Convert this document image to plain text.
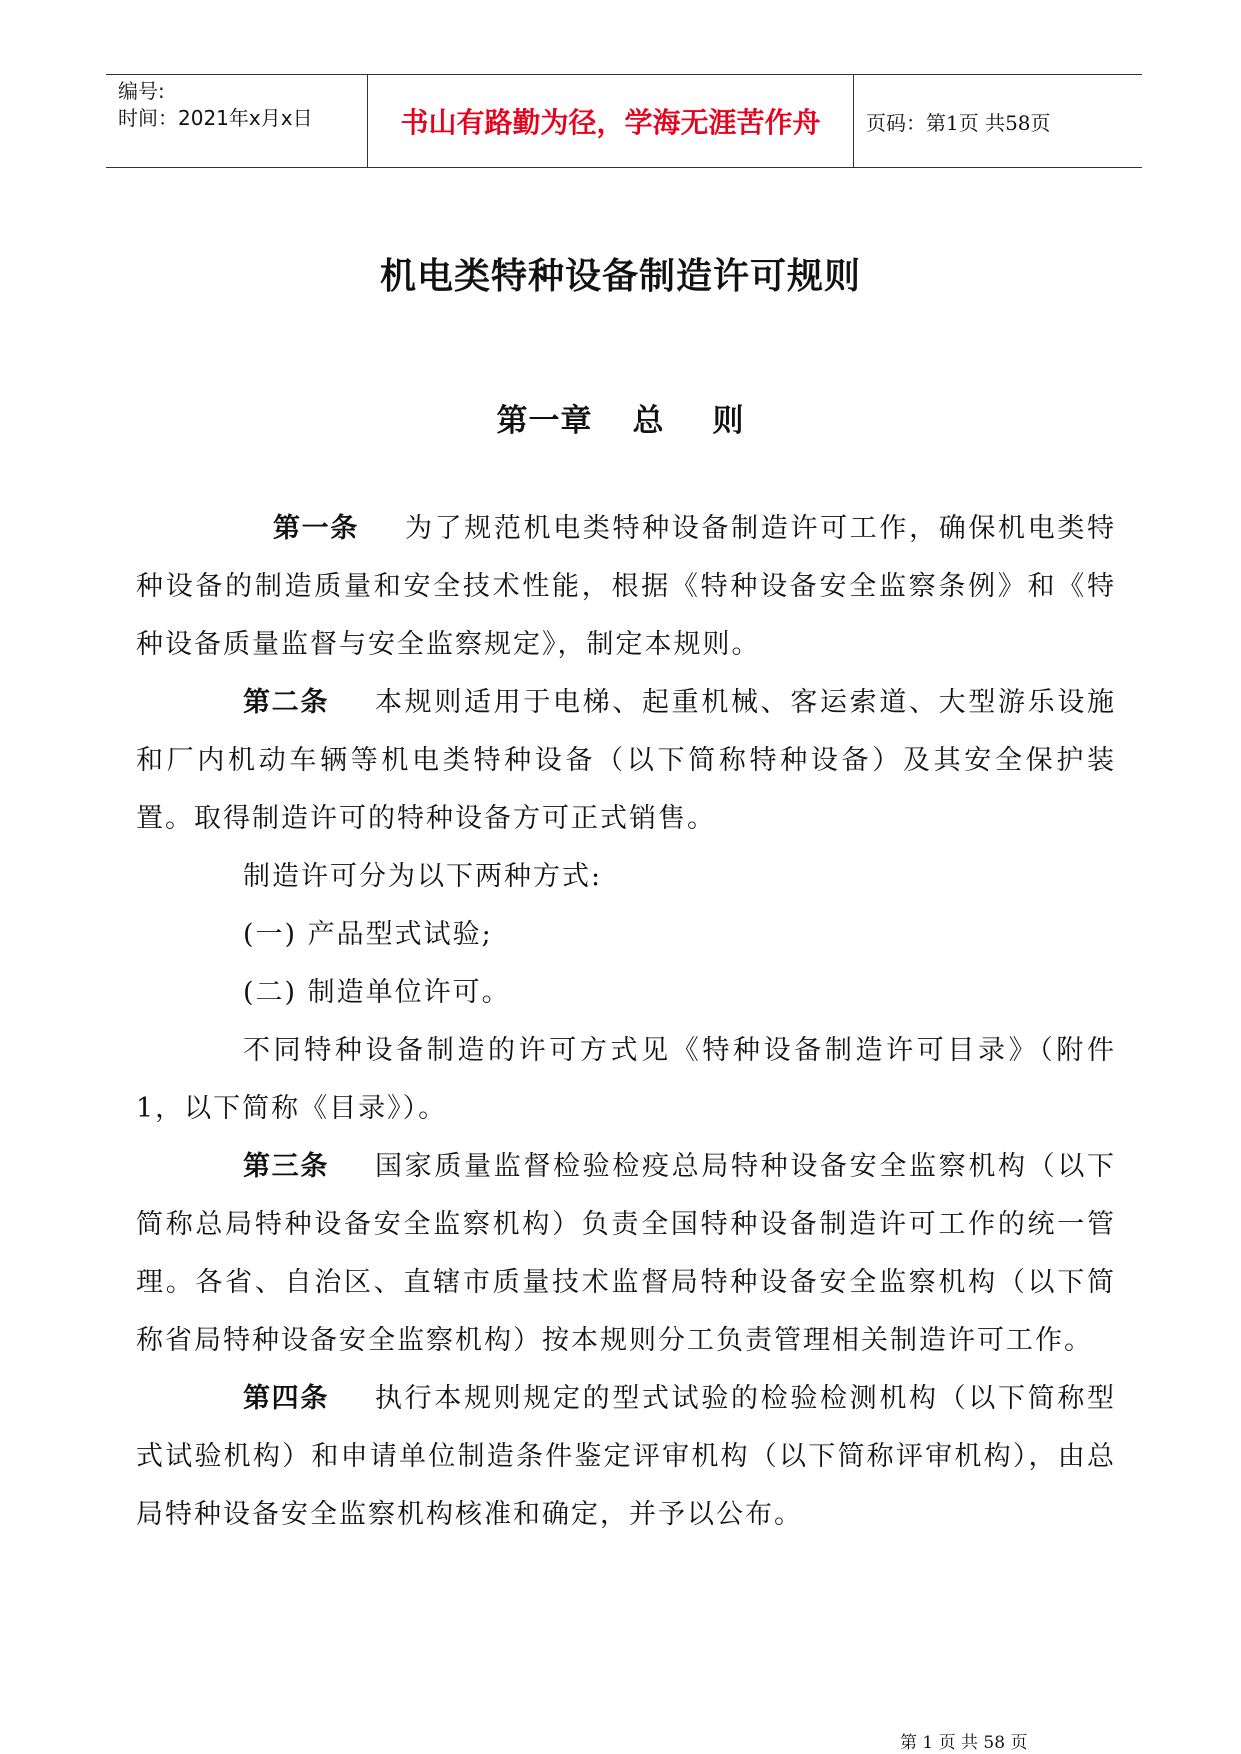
编号:
时间：2021年x月x日	书山有路勤为径，学海无涯苦作舟	页码：第1页 共58页
机电类特种设备制造许可规则
第一章 总 则

第一条 为了规范机电类特种设备制造许可工作，确保机电类特种设备的制造质量和安全技术性能，根据《特种设备安全监察条例》和《特种设备质量监督与安全监察规定》，制定本规则。

第二条 本规则适用于电梯、起重机械、客运索道、大型游乐设施和厂内机动车辆等机电类特种设备（以下简称特种设备）及其安全保护装置。取得制造许可的特种设备方可正式销售。

制造许可分为以下两种方式:

(一) 产品型式试验;

(二) 制造单位许可。

不同特种设备制造的许可方式见《特种设备制造许可目录》（附件 1，以下简称《目录》）。

第三条 国家质量监督检验检疫总局特种设备安全监察机构（以下简称总局特种设备安全监察机构）负责全国特种设备制造许可工作的统一管理。各省、自治区、直辖市质量技术监督局特种设备安全监察机构（以下简称省局特种设备安全监察机构）按本规则分工负责管理相关制造许可工作。

第四条 执行本规则规定的型式试验的检验检测机构（以下简称型式试验机构）和申请单位制造条件鉴定评审机构（以下简称评审机构），由总局特种设备安全监察机构核准和确定，并予以公布。

第 1 页 共 58 页
